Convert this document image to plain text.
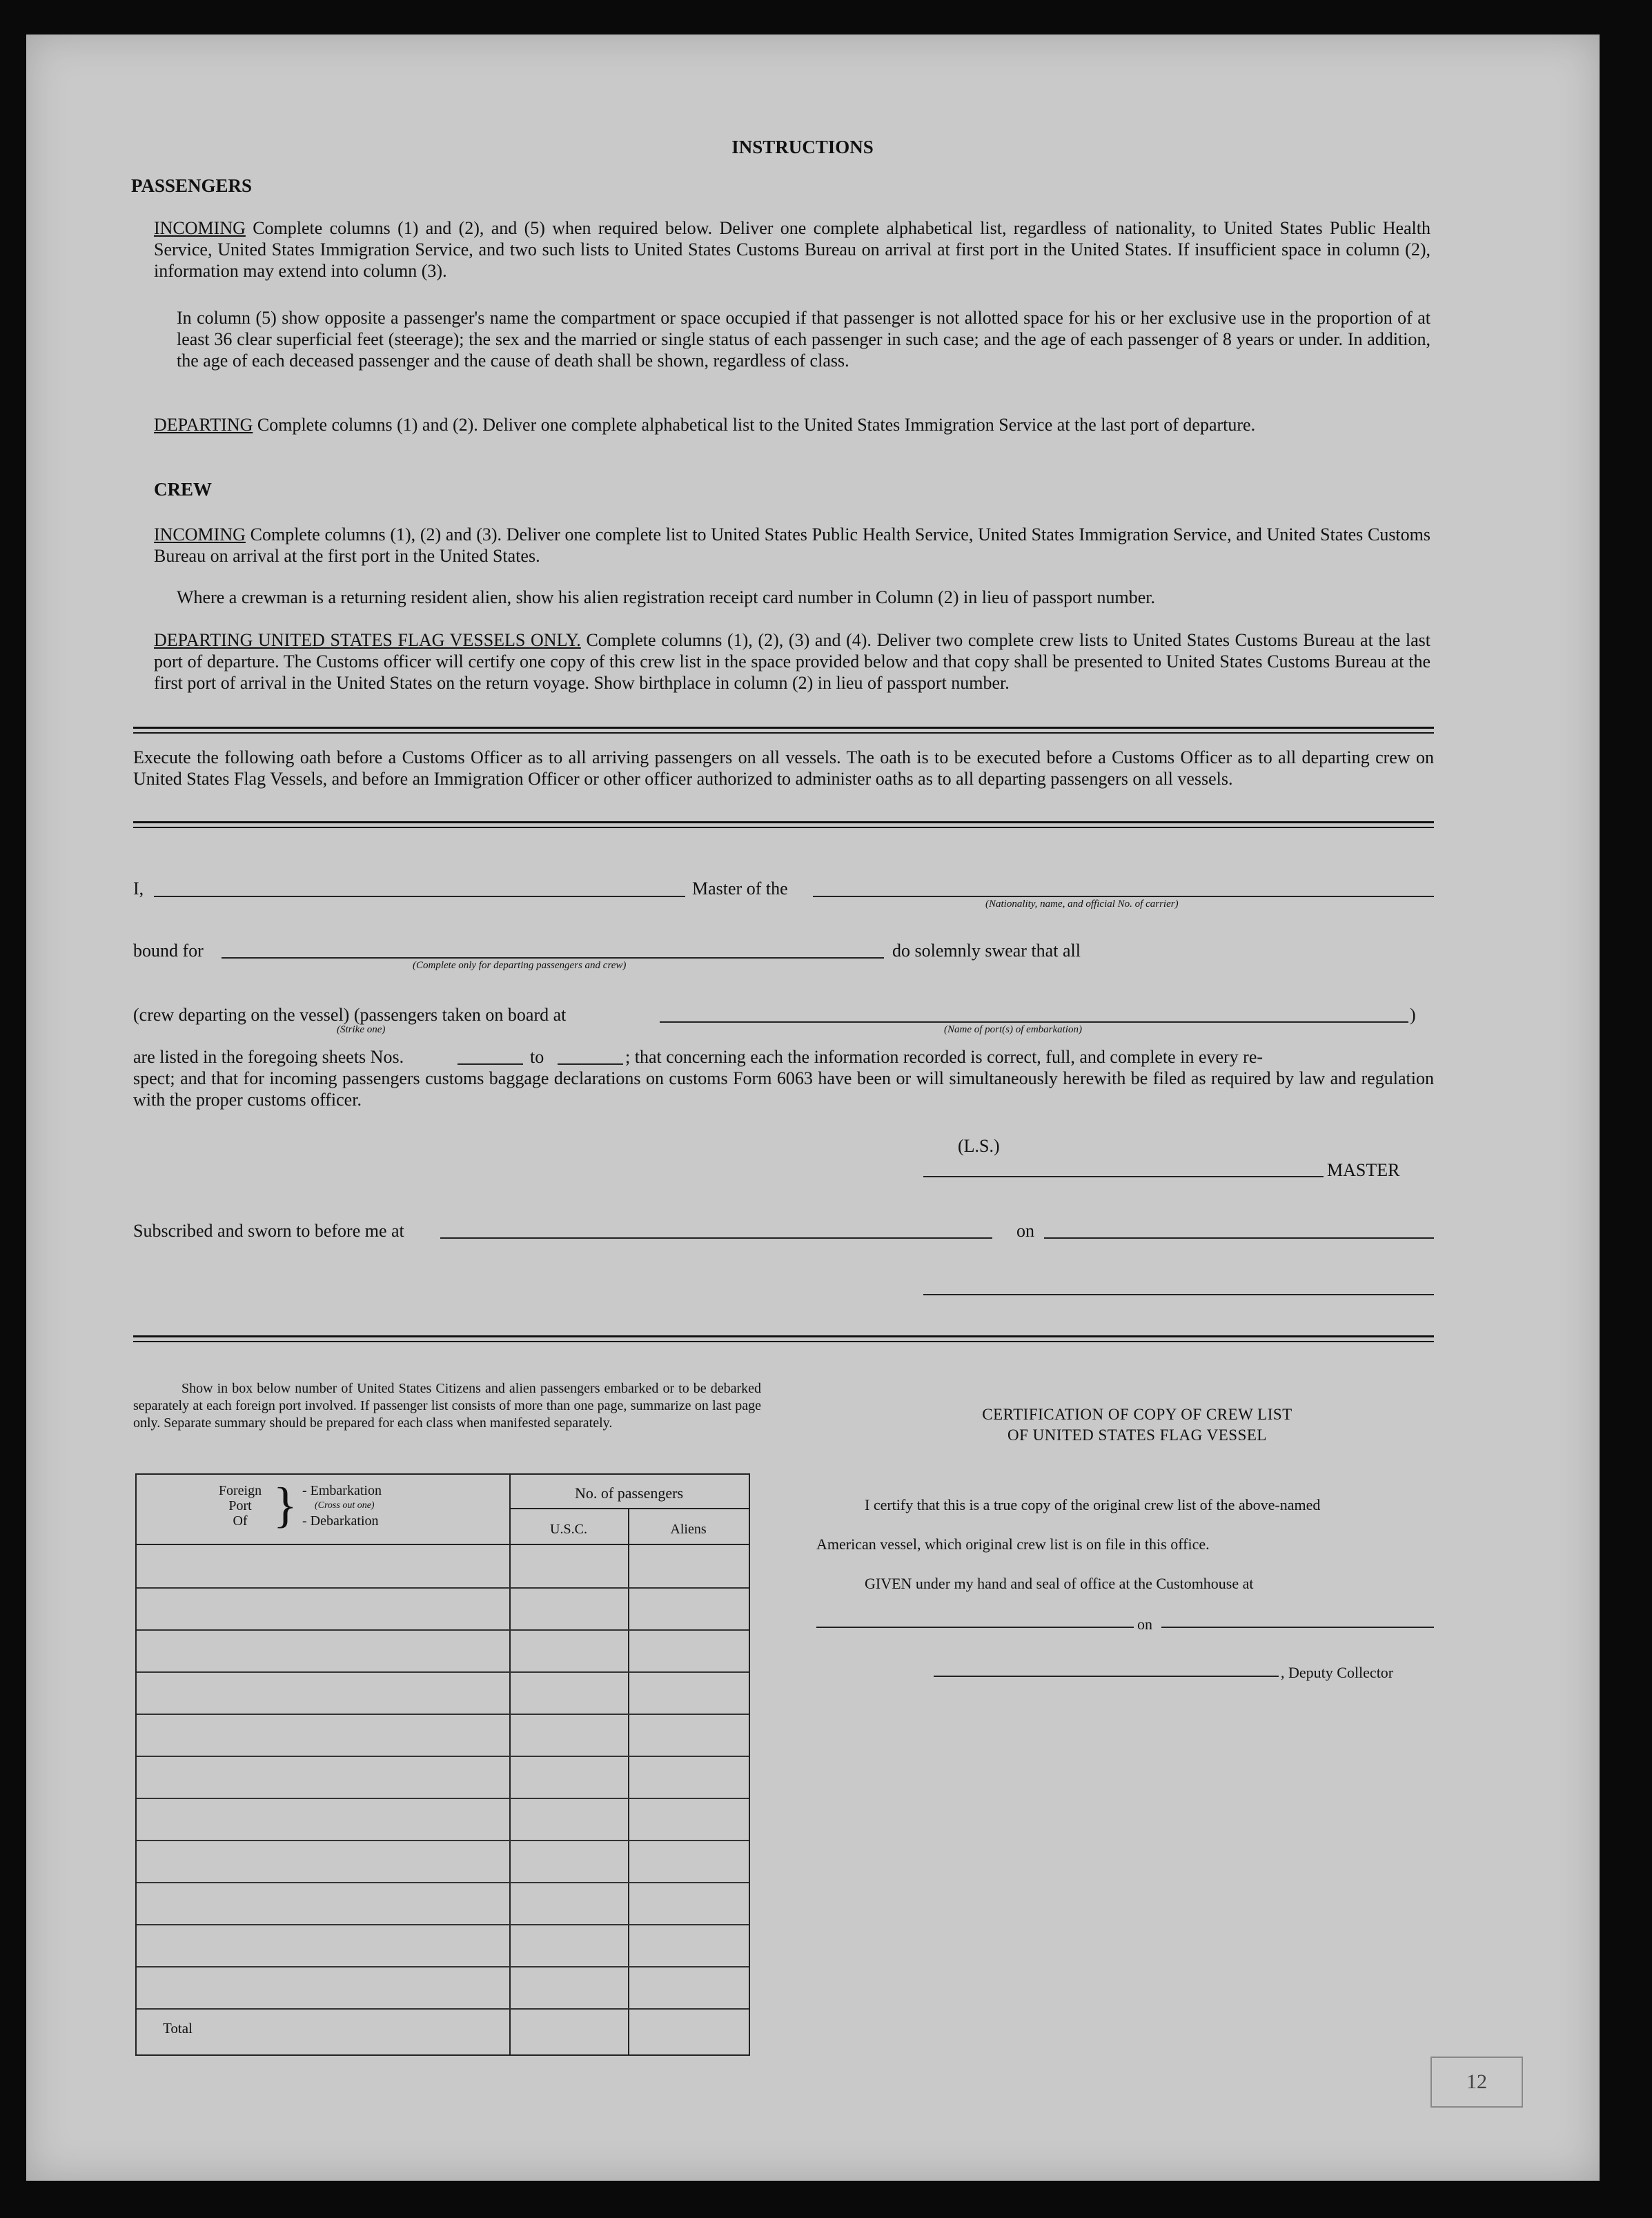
INSTRUCTIONS
PASSENGERS
INCOMING Complete columns (1) and (2), and (5) when required below. Deliver one complete alphabetical list, regardless of nationality, to United States Public Health Service, United States Immigration Service, and two such lists to United States Customs Bureau on arrival at first port in the United States. If insufficient space in column (2), information may extend into column (3).
In column (5) show opposite a passenger's name the compartment or space occupied if that passenger is not allotted space for his or her exclusive use in the proportion of at least 36 clear superficial feet (steerage); the sex and the married or single status of each passenger in such case; and the age of each passenger of 8 years or under. In addition, the age of each deceased passenger and the cause of death shall be shown, regardless of class.
DEPARTING Complete columns (1) and (2). Deliver one complete alphabetical list to the United States Immigration Service at the last port of departure.
CREW
INCOMING Complete columns (1), (2) and (3). Deliver one complete list to United States Public Health Service, United States Immigration Service, and United States Customs Bureau on arrival at the first port in the United States.
Where a crewman is a returning resident alien, show his alien registration receipt card number in Column (2) in lieu of passport number.
DEPARTING UNITED STATES FLAG VESSELS ONLY. Complete columns (1), (2), (3) and (4). Deliver two complete crew lists to United States Customs Bureau at the last port of departure. The Customs officer will certify one copy of this crew list in the space provided below and that copy shall be presented to United States Customs Bureau at the first port of arrival in the United States on the return voyage. Show birthplace in column (2) in lieu of passport number.
Execute the following oath before a Customs Officer as to all arriving passengers on all vessels. The oath is to be executed before a Customs Officer as to all departing crew on United States Flag Vessels, and before an Immigration Officer or other officer authorized to administer oaths as to all departing passengers on all vessels.
I,	Master of the
(Nationality, name, and official No. of carrier)
bound for
(Complete only for departing passengers and crew)
do solemnly swear that all
(crew departing on the vessel) (passengers taken on board at	)
(Strike one)	(Name of port(s) of embarkation)
are listed in the foregoing sheets Nos.	to	; that concerning each the information recorded is correct, full, and complete in every re-
spect; and that for incoming passengers customs baggage declarations on customs Form 6063 have been or will simultaneously herewith be filed as required by law and regulation with the proper customs officer.
(L.S.)
MASTER
Subscribed and sworn to before me at	on
Show in box below number of United States Citizens and alien passengers embarked or to be debarked separately at each foreign port involved. If passenger list consists of more than one page, summarize on last page only. Separate summary should be prepared for each class when manifested separately.
Foreign
Port
Of } - Embarkation
(Cross out one)
- Debarkation
No. of passengers
U.S.C.	Aliens
Total
CERTIFICATION OF COPY OF CREW LIST
OF UNITED STATES FLAG VESSEL
I certify that this is a true copy of the original crew list of the above-named
American vessel, which original crew list is on file in this office.
GIVEN under my hand and seal of office at the Customhouse at
on
, Deputy Collector
12
